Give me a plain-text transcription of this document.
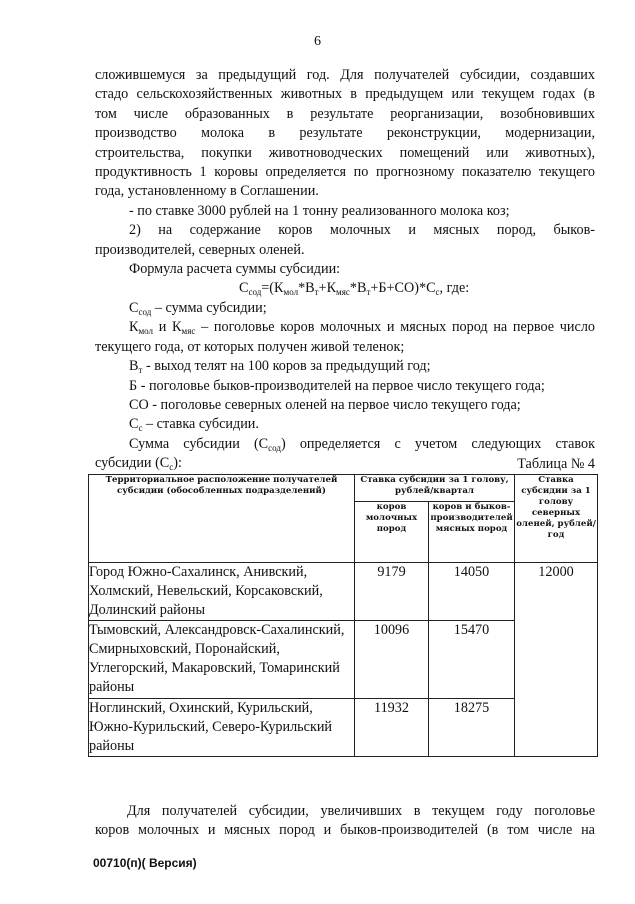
6
сложившемуся за предыдущий год. Для получателей субсидии, создавших
стадо сельскохозяйственных животных в предыдущем или текущем годах (в
том числе образованных в результате реорганизации, возобновивших
производство молока в результате реконструкции, модернизации,
строительства, покупки животноводческих помещений или животных),
продуктивность 1 коровы определяется по прогнозному показателю текущего
года, установленному в Соглашении.
- по ставке 3000 рублей на 1 тонну реализованного молока коз;
2) на содержание коров молочных и мясных пород, быков-
производителей, северных оленей.
Формула расчета суммы субсидии:
$С_{сод}=(К_{мол}*В_т+К_{мяс}*В_т+Б+СО)*С_с$, где:
$С_{сод}$ – сумма субсидии;
$К_{мол}$ и $К_{мяс}$ – поголовье коров молочных и мясных пород на первое число
текущего года, от которых получен живой теленок;
$В_т$ - выход телят на 100 коров за предыдущий год;
Б - поголовье быков-производителей на первое число текущего года;
СО - поголовье северных оленей на первое число текущего года;
$С_с$ – ставка субсидии.
Сумма субсидии $(С_{сод})$ определяется с учетом следующих ставок
субсидии $(С_с)$:	Таблица № 4
Территориальное расположение получателей субсидии (обособленных подразделений)	Ставка субсидии за 1 голову, рублей/квартал		Ставка субсидии за 1 голову северных оленей, рублей/год
	коров молочных пород	коров и быков-производителей мясных пород	
Город Южно-Сахалинск, Анивский, Холмский, Невельский, Корсаковский, Долинский районы	9179	14050	12000
Тымовский, Александровск-Сахалинский, Смирныховский, Поронайский, Углегорский, Макаровский, Томаринский районы	10096	15470	
Ноглинский, Охинский, Курильский, Южно-Курильский, Северо-Курильский районы	11932	18275	
Для получателей субсидии, увеличивших в текущем году поголовье
коров молочных и мясных пород и быков-производителей (в том числе на
00710(п)( Версия)
